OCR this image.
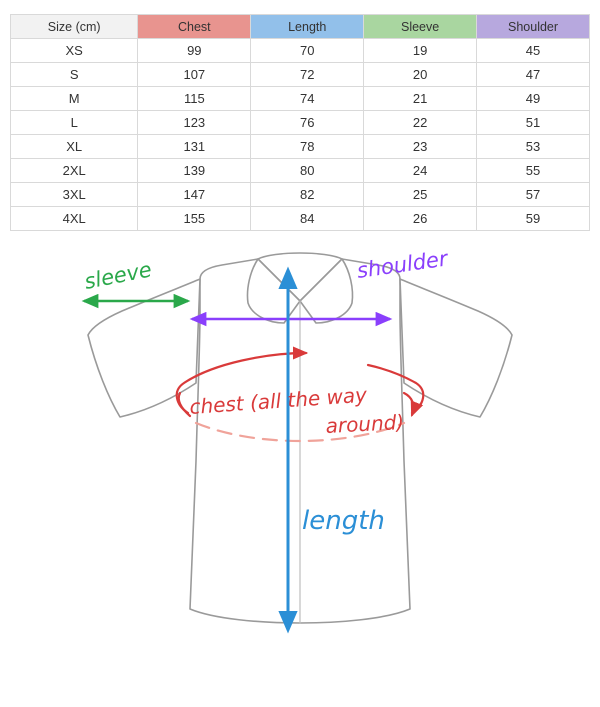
Size (cm)	Chest	Length	Sleeve	Shoulder
XS	99	70	19	45
S	107	72	20	47
M	115	74	21	49
L	123	76	22	51
XL	131	78	23	53
2XL	139	80	24	55
3XL	147	82	25	57
4XL	155	84	26	59
sleeve	shoulder
chest (all the way
around)
length
